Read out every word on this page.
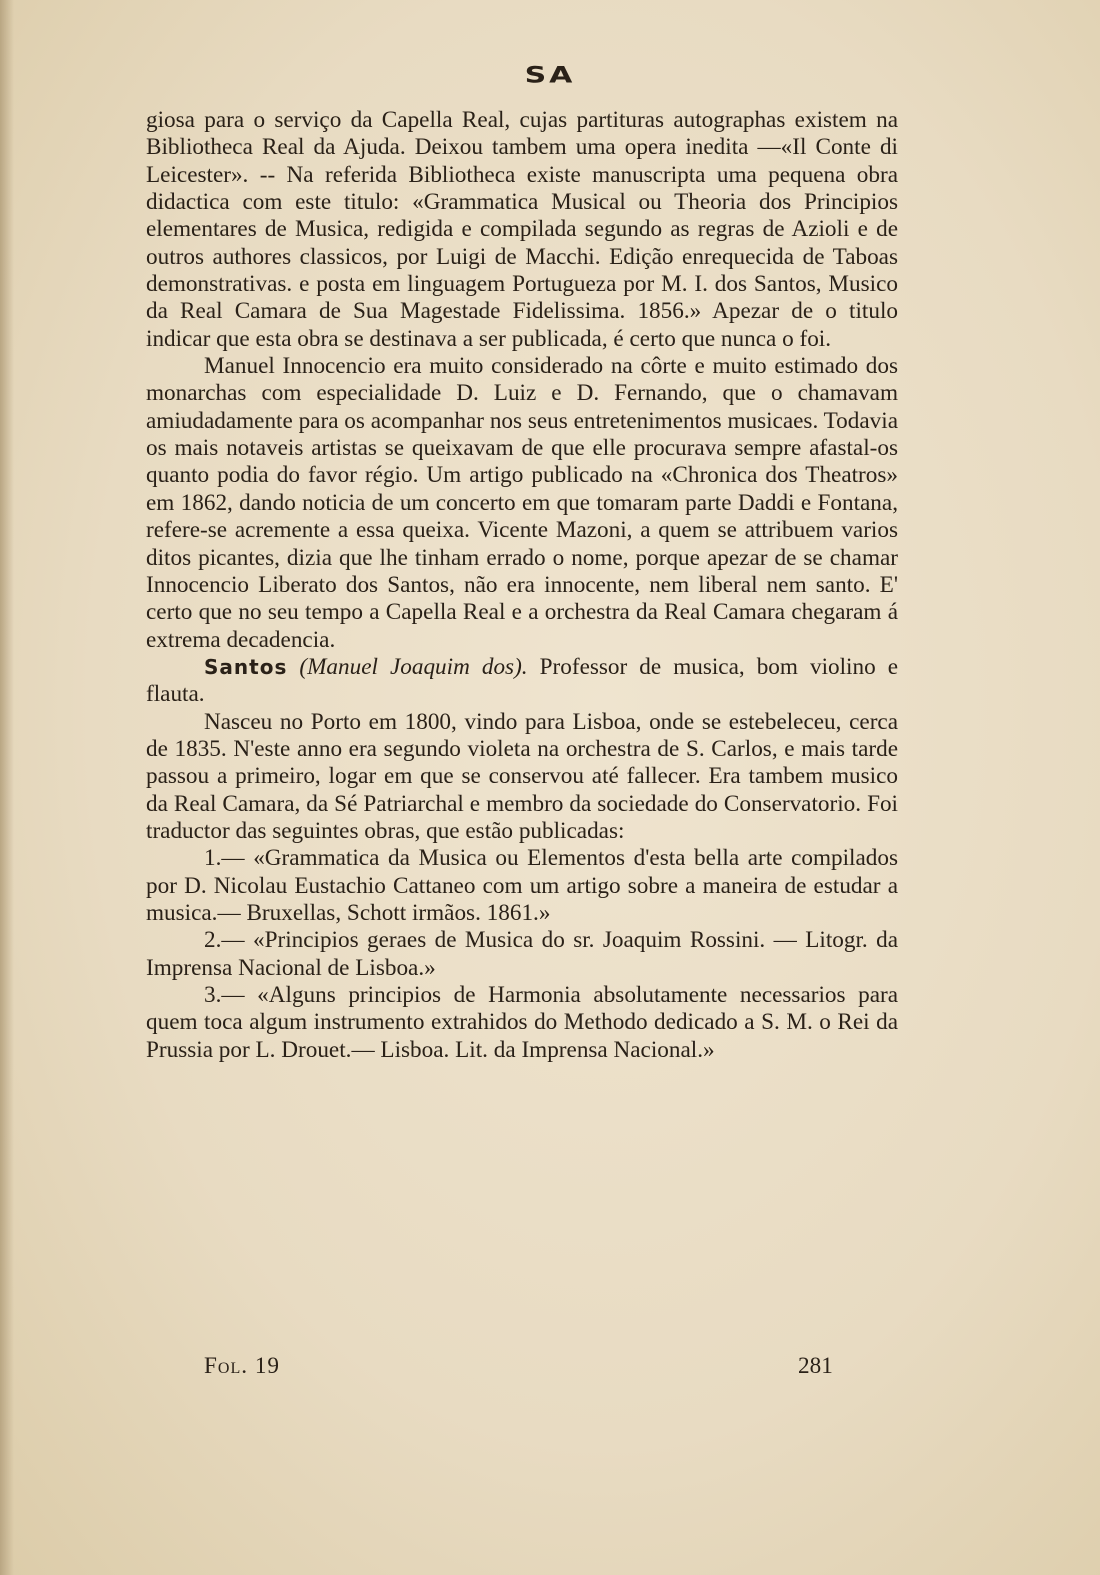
SA

giosa para o serviço da Capella Real, cujas partituras autographas existem na Bibliotheca Real da Ajuda. Deixou tambem uma opera inedita —«Il Conte di Leicester». -- Na referida Bibliotheca existe manuscripta uma pequena obra didactica com este titulo: «Grammatica Musical ou Theoria dos Principios elementares de Musica, redigida e compilada segundo as regras de Azioli e de outros authores classicos, por Luigi de Macchi. Edição enrequecida de Taboas demonstrativas. e posta em linguagem Portugueza por M. I. dos Santos, Musico da Real Camara de Sua Magestade Fidelissima. 1856.» Apezar de o titulo indicar que esta obra se destinava a ser publicada, é certo que nunca o foi.

Manuel Innocencio era muito considerado na côrte e muito estimado dos monarchas com especialidade D. Luiz e D. Fernando, que o chamavam amiudadamente para os acompanhar nos seus entretenimentos musicaes. Todavia os mais notaveis artistas se queixavam de que elle procurava sempre afastal-os quanto podia do favor régio. Um artigo publicado na «Chronica dos Theatros» em 1862, dando noticia de um concerto em que tomaram parte Daddi e Fontana, refere-se acremente a essa queixa. Vicente Mazoni, a quem se attribuem varios ditos picantes, dizia que lhe tinham errado o nome, porque apezar de se chamar Innocencio Liberato dos Santos, não era innocente, nem liberal nem santo. E' certo que no seu tempo a Capella Real e a orchestra da Real Camara chegaram á extrema decadencia.

Santos (Manuel Joaquim dos). Professor de musica, bom violino e flauta.

Nasceu no Porto em 1800, vindo para Lisboa, onde se estebeleceu, cerca de 1835. N'este anno era segundo violeta na orchestra de S. Carlos, e mais tarde passou a primeiro, logar em que se conservou até fallecer. Era tambem musico da Real Camara, da Sé Patriarchal e membro da sociedade do Conservatorio. Foi traductor das seguintes obras, que estão publicadas:

1.— «Grammatica da Musica ou Elementos d'esta bella arte compilados por D. Nicolau Eustachio Cattaneo com um artigo sobre a maneira de estudar a musica.— Bruxellas, Schott irmãos. 1861.»

2.— «Principios geraes de Musica do sr. Joaquim Rossini. — Litogr. da Imprensa Nacional de Lisboa.»

3.— «Alguns principios de Harmonia absolutamente necessarios para quem toca algum instrumento extrahidos do Methodo dedicado a S. M. o Rei da Prussia por L. Drouet.— Lisboa. Lit. da Imprensa Nacional.»

Fol. 19	281
